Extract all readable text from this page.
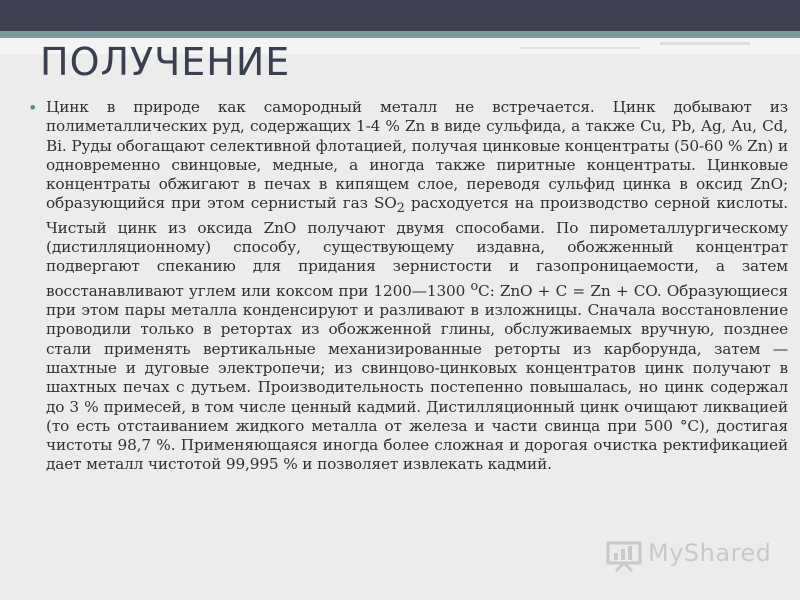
ПОЛУЧЕНИЕ
• Цинк в природе как самородный металл не встречается. Цинк добывают из полиметаллических руд, содержащих 1-4 % Zn в виде сульфида, а также Cu, Pb, Ag, Au, Cd, Bi. Руды обогащают селективной флотацией, получая цинковые концентраты (50-60 % Zn) и одновременно свинцовые, медные, а иногда также пиритные концентраты. Цинковые концентраты обжигают в печах в кипящем слое, переводя сульфид цинка в оксид ZnO; образующийся при этом сернистый газ $SO_2$ расходуется на производство серной кислоты. Чистый цинк из оксида ZnO получают двумя способами. По пирометаллургическому (дистилляционному) способу, существующему издавна, обожженный концентрат подвергают спеканию для придания зернистости и газопроницаемости, а затем восстанавливают углем или коксом при 1200—1300 $^o$C: ZnO + C = Zn + CO. Образующиеся при этом пары металла конденсируют и разливают в изложницы. Сначала восстановление проводили только в ретортах из обожженной глины, обслуживаемых вручную, позднее стали применять вертикальные механизированные реторты из карборунда, затем — шахтные и дуговые электропечи; из свинцово-цинковых концентратов цинк получают в шахтных печах с дутьем. Производительность постепенно повышалась, но цинк содержал до 3 % примесей, в том числе ценный кадмий. Дистилляционный цинк очищают ликвацией (то есть отстаиванием жидкого металла от железа и части свинца при 500 °С), достигая чистоты 98,7 %. Применяющаяся иногда более сложная и дорогая очистка ректификацией дает металл чистотой 99,995 % и позволяет извлекать кадмий.

MyShared
